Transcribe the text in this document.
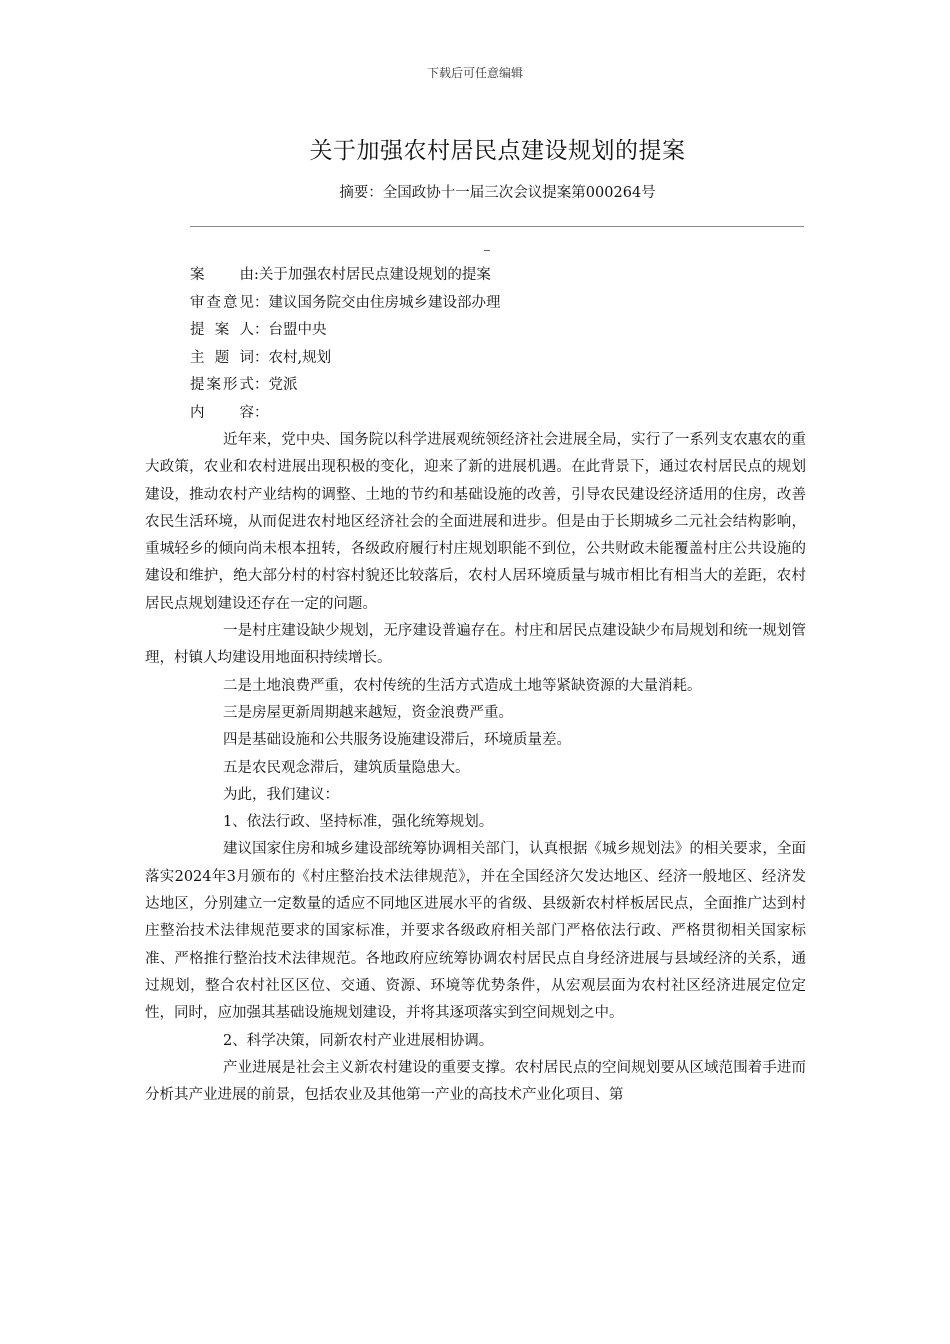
下载后可任意编辑
关于加强农村居民点建设规划的提案
摘要：全国政协十一届三次会议提案第000264号
案由 : 关于加强农村居民点建设规划的提案
审查意见 ： 建议国务院交由住房城乡建设部办理
提案人 ： 台盟中央
主题词 ： 农村,规划
提案形式 ： 党派
内容 ：

近年来，党中央、国务院以科学进展观统领经济社会进展全局，实行了一系列支农惠农的重大政策，农业和农村进展出现积极的变化，迎来了新的进展机遇。在此背景下，通过农村居民点的规划建设，推动农村产业结构的调整、土地的节约和基础设施的改善，引导农民建设经济适用的住房，改善农民生活环境，从而促进农村地区经济社会的全面进展和进步。但是由于长期城乡二元社会结构影响，重城轻乡的倾向尚未根本扭转，各级政府履行村庄规划职能不到位，公共财政未能覆盖村庄公共设施的建设和维护，绝大部分村的村容村貌还比较落后，农村人居环境质量与城市相比有相当大的差距，农村居民点规划建设还存在一定的问题。

一是村庄建设缺少规划，无序建设普遍存在。村庄和居民点建设缺少布局规划和统一规划管理，村镇人均建设用地面积持续增长。

二是土地浪费严重，农村传统的生活方式造成土地等紧缺资源的大量消耗。

三是房屋更新周期越来越短，资金浪费严重。

四是基础设施和公共服务设施建设滞后，环境质量差。

五是农民观念滞后，建筑质量隐患大。

为此，我们建议：

1、依法行政、坚持标准，强化统筹规划。

建议国家住房和城乡建设部统筹协调相关部门，认真根据《城乡规划法》的相关要求，全面落实2024年3月颁布的《村庄整治技术法律规范》，并在全国经济欠发达地区、经济一般地区、经济发达地区，分别建立一定数量的适应不同地区进展水平的省级、县级新农村样板居民点，全面推广达到村庄整治技术法律规范要求的国家标准，并要求各级政府相关部门严格依法行政、严格贯彻相关国家标准、严格推行整治技术法律规范。各地政府应统筹协调农村居民点自身经济进展与县域经济的关系，通过规划，整合农村社区区位、交通、资源、环境等优势条件，从宏观层面为农村社区经济进展定位定性，同时，应加强其基础设施规划建设，并将其逐项落实到空间规划之中。

2、科学决策，同新农村产业进展相协调。

产业进展是社会主义新农村建设的重要支撑。农村居民点的空间规划要从区域范围着手进而分析其产业进展的前景，包括农业及其他第一产业的高技术产业化项目、第
